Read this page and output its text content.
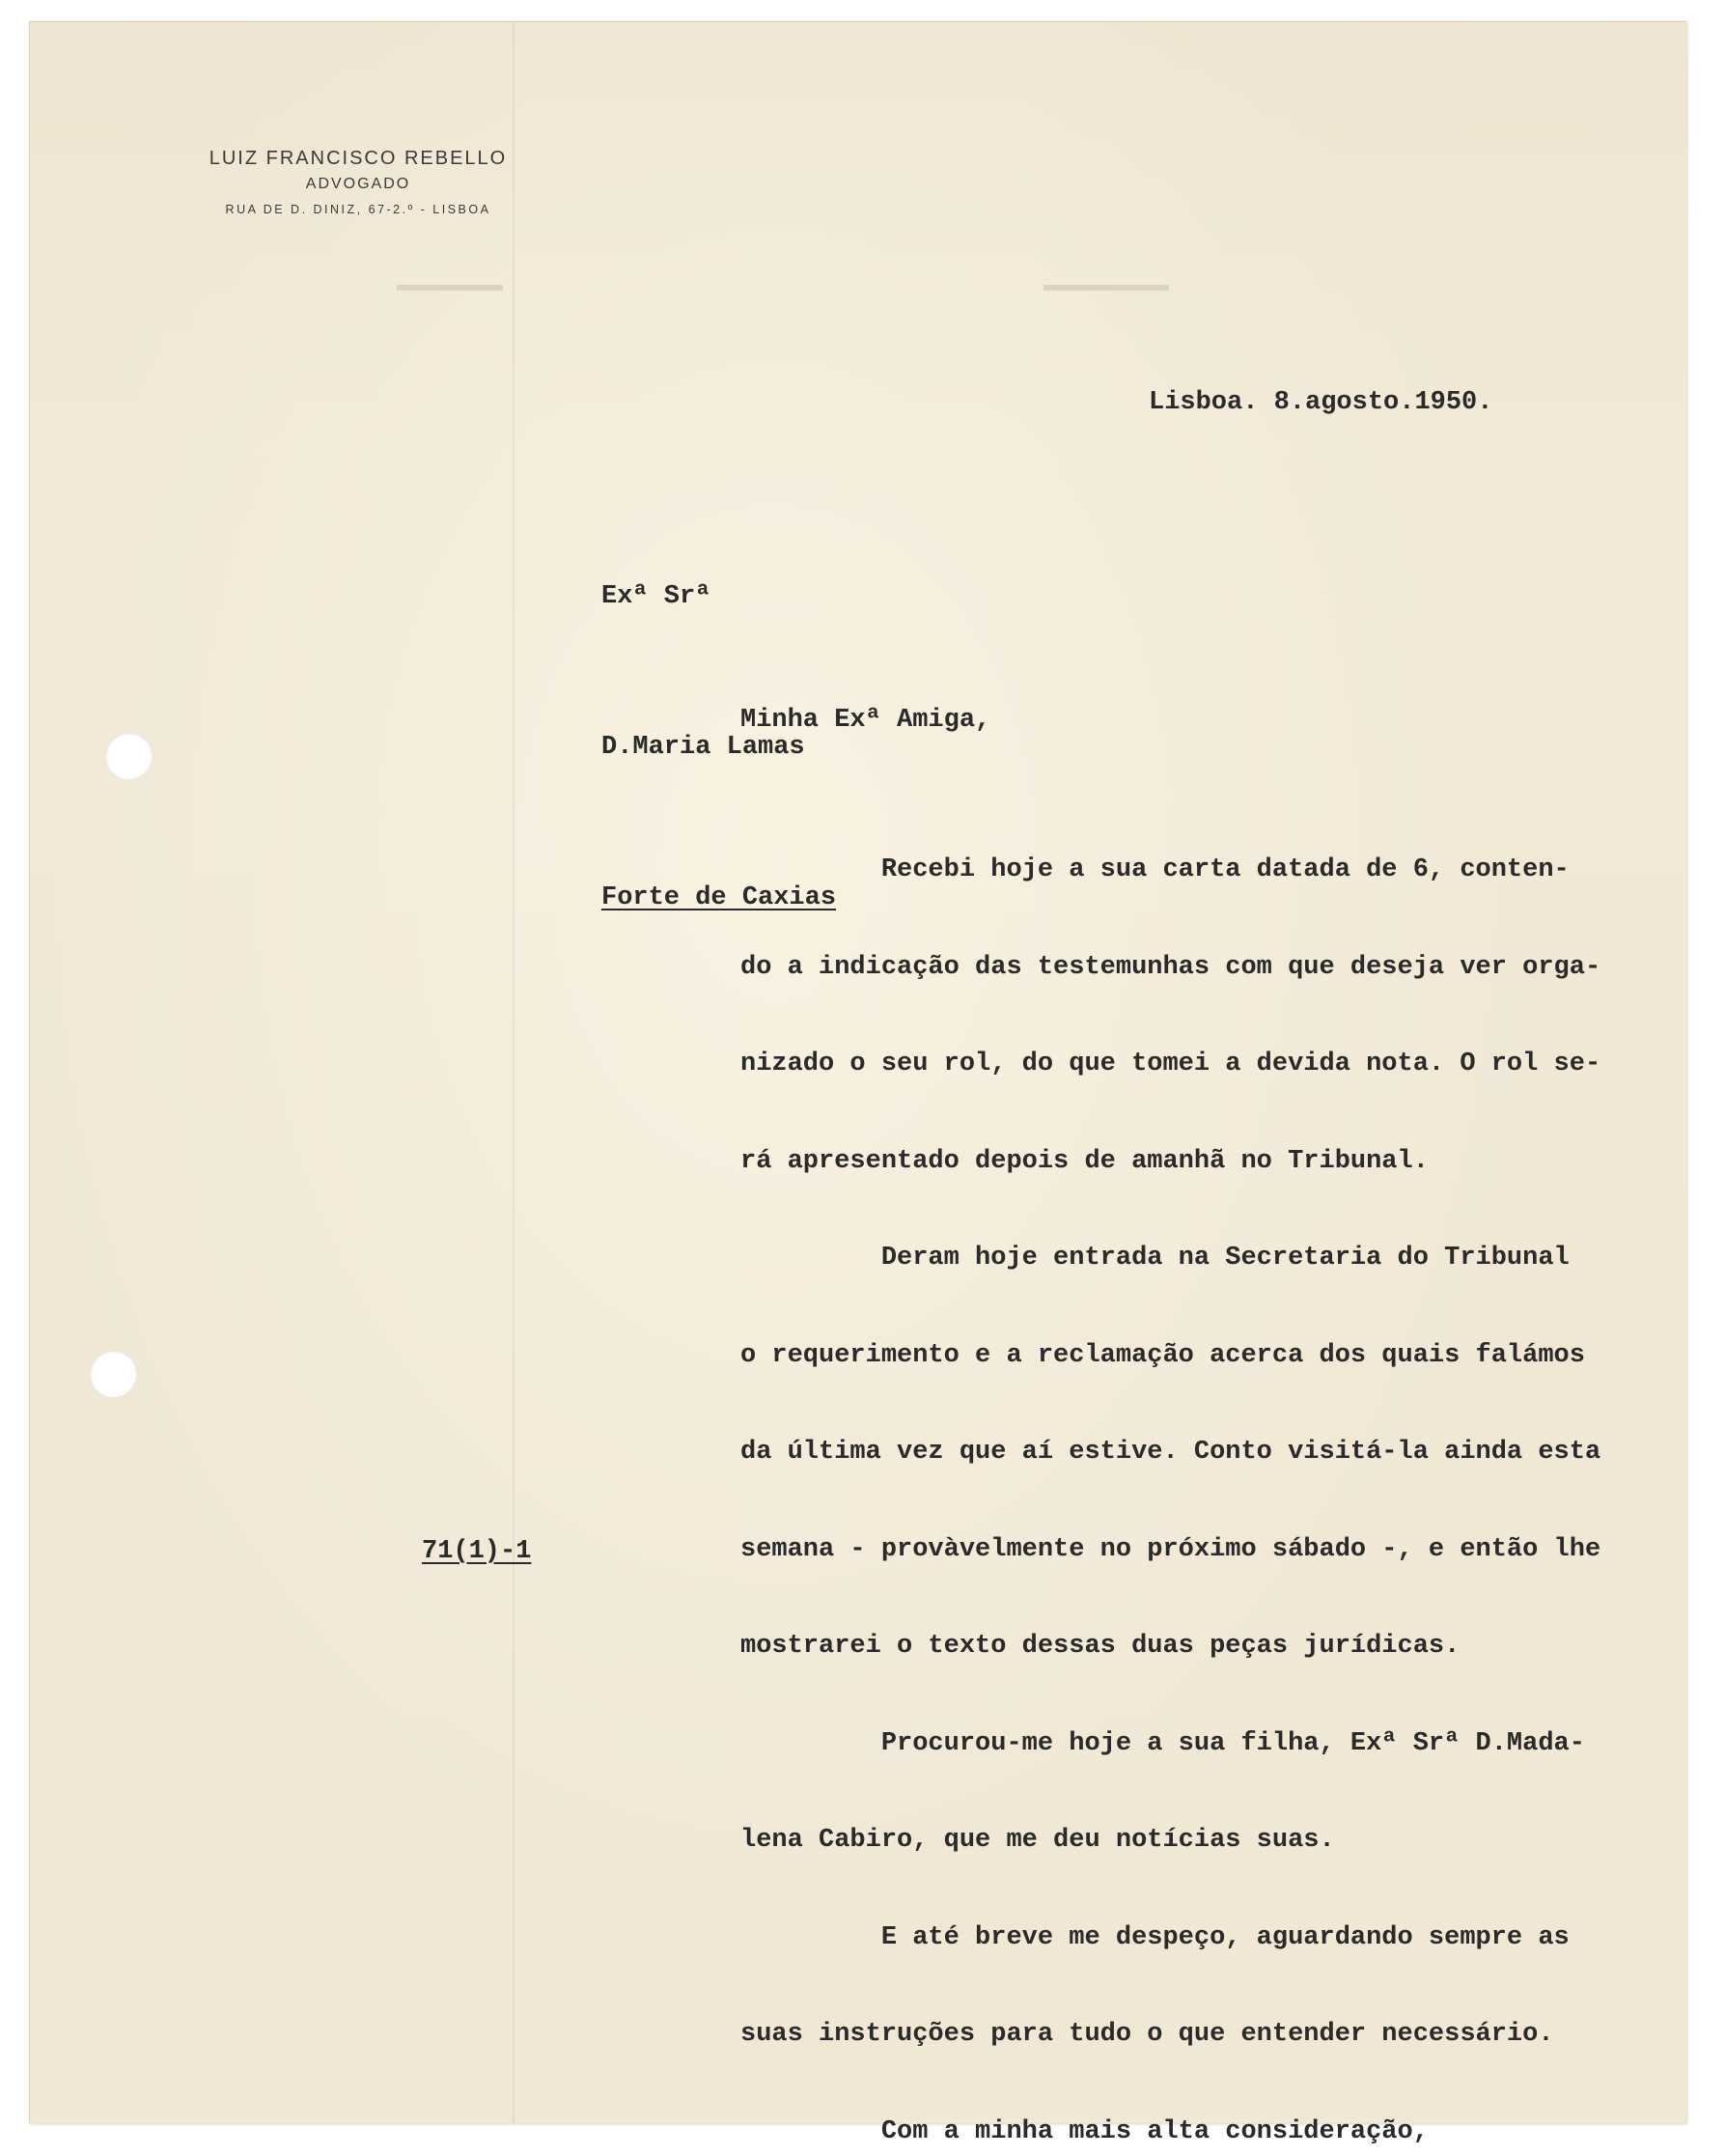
LUIZ FRANCISCO REBELLO
ADVOGADO
RUA DE D. DINIZ, 67-2.º - LISBOA
Lisboa. 8.agosto.1950.

Exª Srª

D.Maria Lamas

Forte de Caxias

Minha Exª Amiga,

Recebi hoje a sua carta datada de 6, conten-

do a indicação das testemunhas com que deseja ver orga-

nizado o seu rol, do que tomei a devida nota. O rol se-

rá apresentado depois de amanhã no Tribunal.

Deram hoje entrada na Secretaria do Tribunal

o requerimento e a reclamação acerca dos quais falámos

da última vez que aí estive. Conto visitá-la ainda esta

semana - provàvelmente no próximo sábado -, e então lhe

mostrarei o texto dessas duas peças jurídicas.

Procurou-me hoje a sua filha, Exª Srª D.Mada-

lena Cabiro, que me deu notícias suas.

E até breve me despeço, aguardando sempre as

suas instruções para tudo o que entender necessário.

Com a minha mais alta consideração,

71(1)-1
